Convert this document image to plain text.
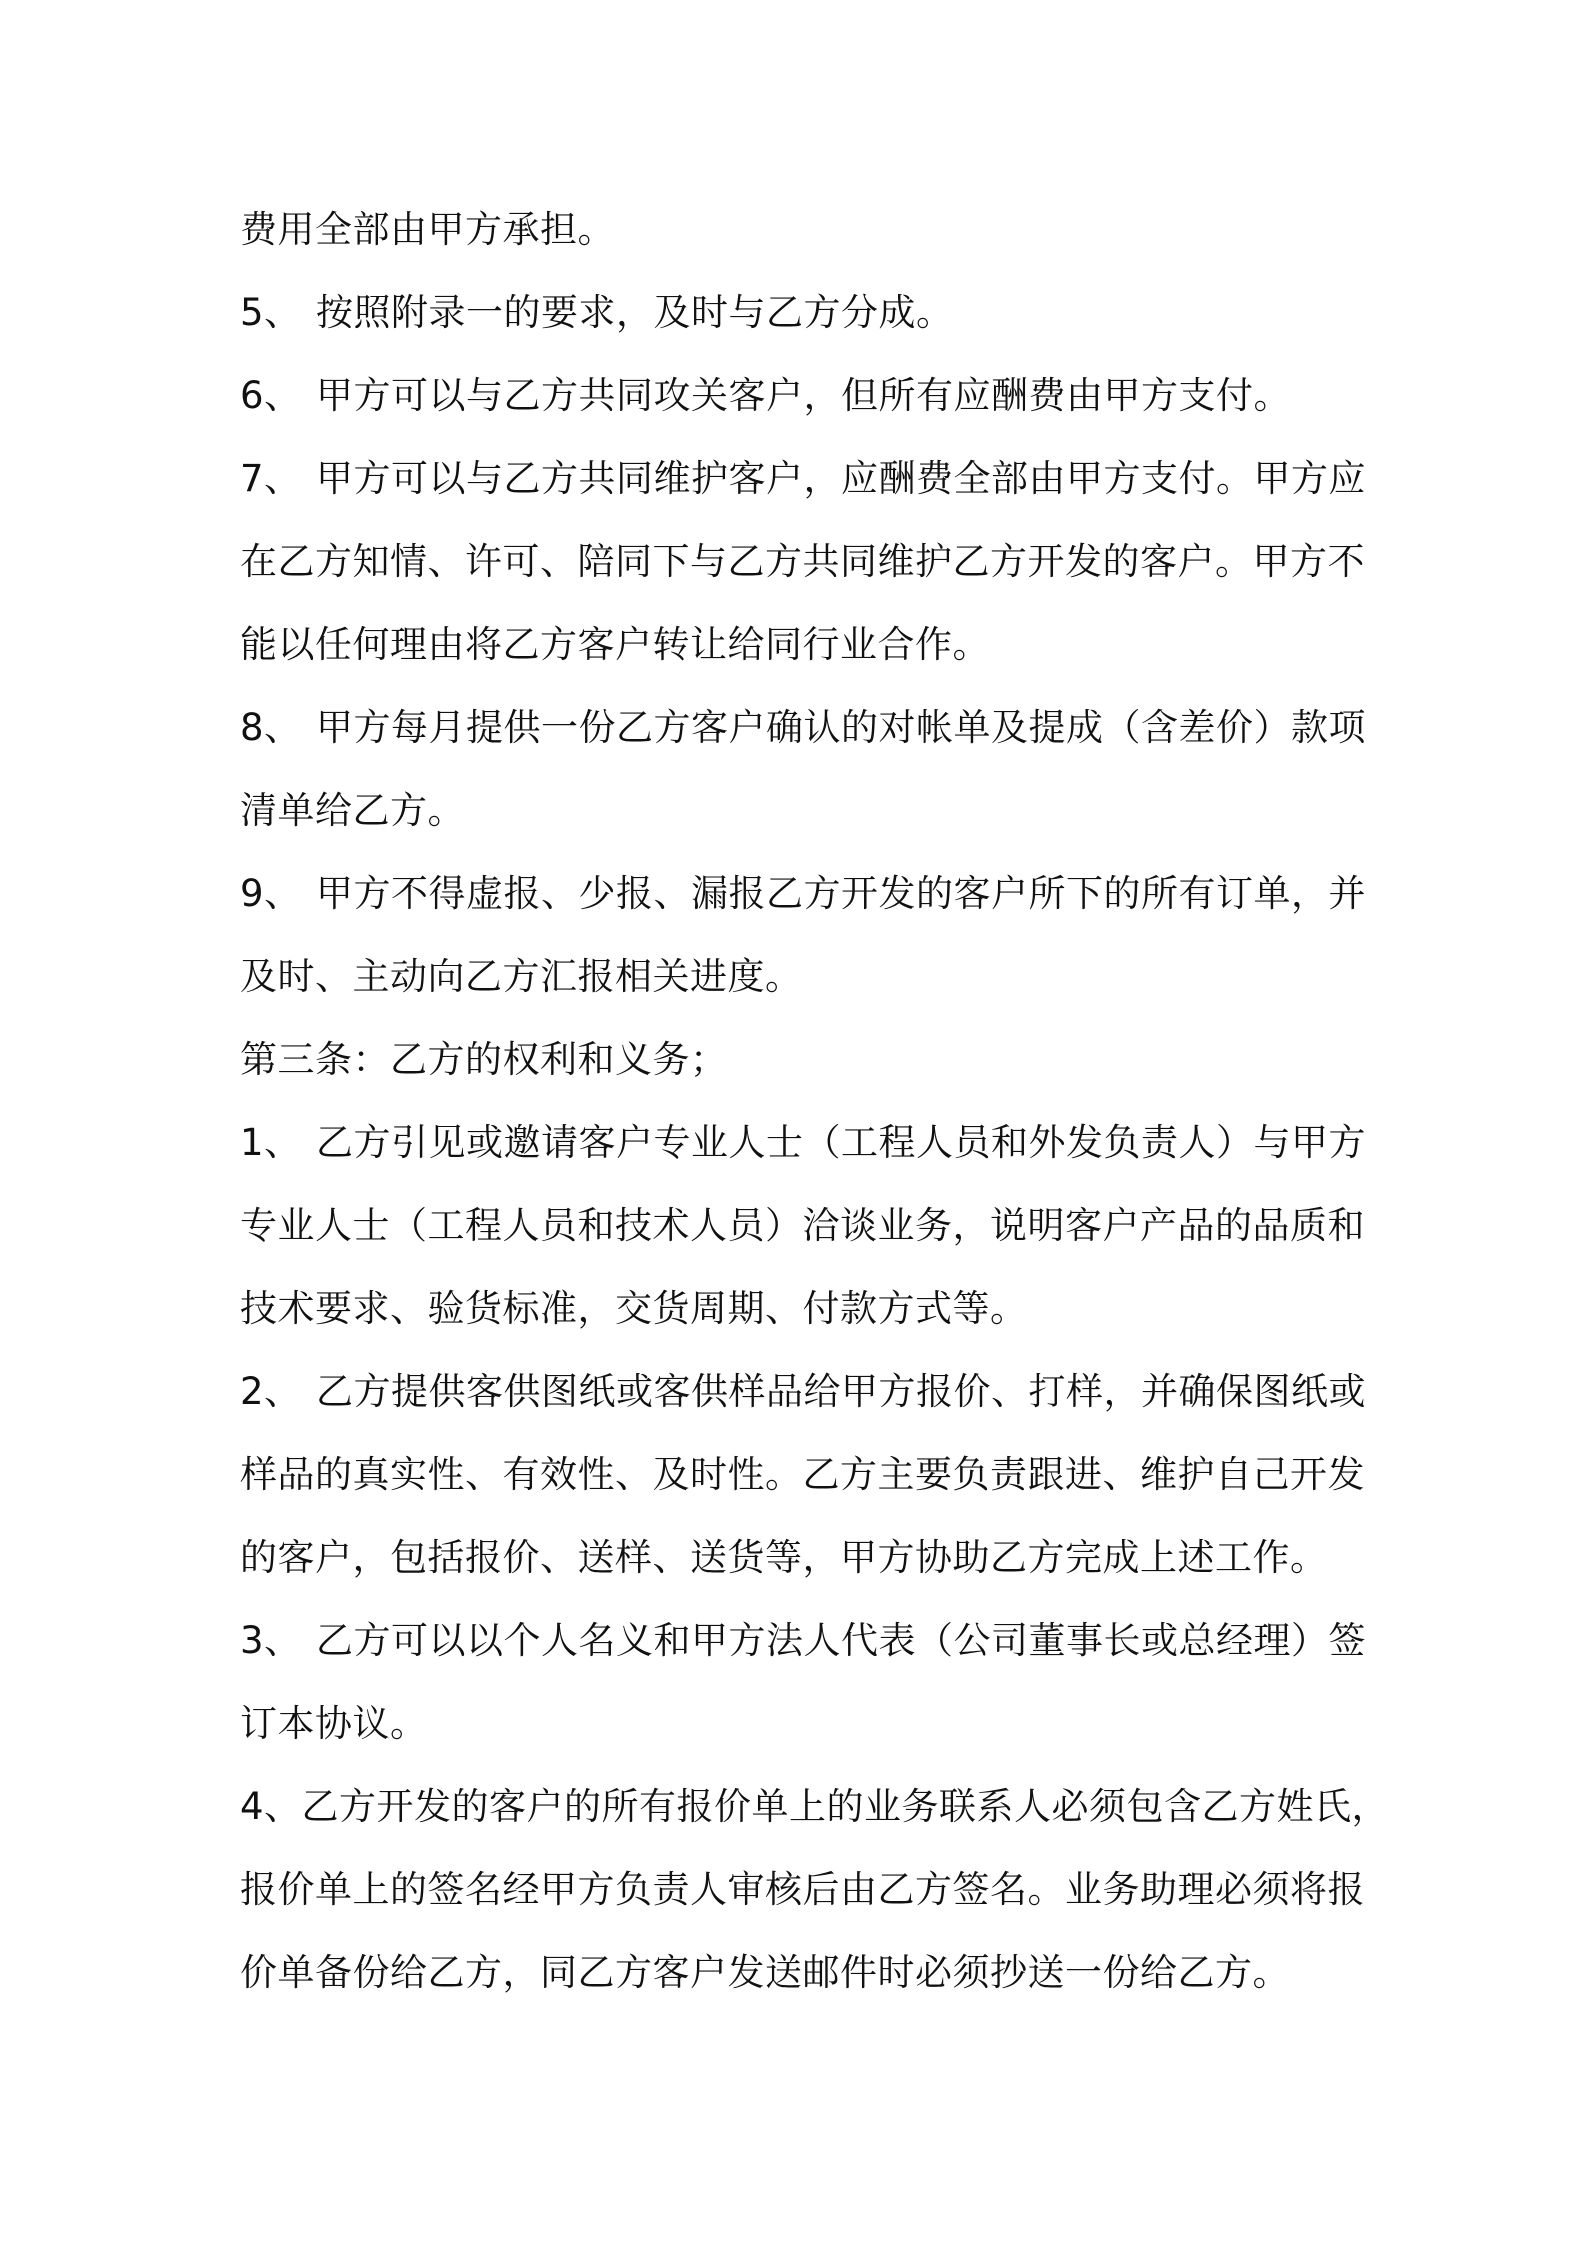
费用全部由甲方承担。
5、 按照附录一的要求，及时与乙方分成。
6、 甲方可以与乙方共同攻关客户，但所有应酬费由甲方支付。
7、 甲方可以与乙方共同维护客户，应酬费全部由甲方支付。甲方应
在乙方知情、许可、陪同下与乙方共同维护乙方开发的客户。甲方不
能以任何理由将乙方客户转让给同行业合作。
8、 甲方每月提供一份乙方客户确认的对帐单及提成（含差价）款项
清单给乙方。
9、 甲方不得虚报、少报、漏报乙方开发的客户所下的所有订单，并
及时、主动向乙方汇报相关进度。
第三条：乙方的权利和义务；
1、 乙方引见或邀请客户专业人士（工程人员和外发负责人）与甲方
专业人士（工程人员和技术人员）洽谈业务，说明客户产品的品质和
技术要求、验货标准，交货周期、付款方式等。
2、 乙方提供客供图纸或客供样品给甲方报价、打样，并确保图纸或
样品的真实性、有效性、及时性。乙方主要负责跟进、维护自己开发
的客户，包括报价、送样、送货等，甲方协助乙方完成上述工作。
3、 乙方可以以个人名义和甲方法人代表（公司董事长或总经理）签
订本协议。
4、乙方开发的客户的所有报价单上的业务联系人必须包含乙方姓氏，
报价单上的签名经甲方负责人审核后由乙方签名。业务助理必须将报
价单备份给乙方，同乙方客户发送邮件时必须抄送一份给乙方。
